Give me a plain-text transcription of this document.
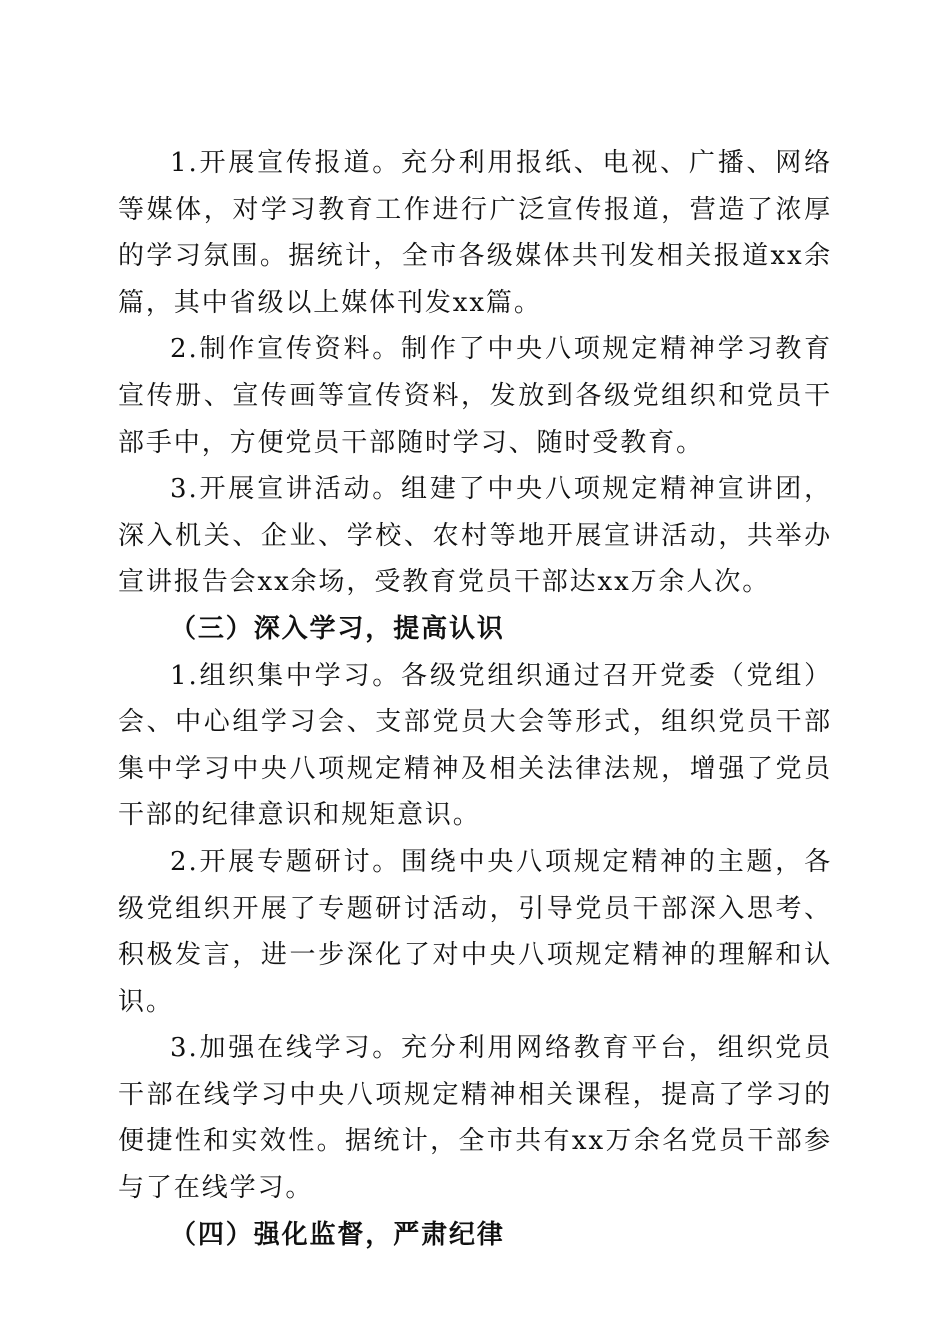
1.开展宣传报道。充分利用报纸、电视、广播、网络等媒体，对学习教育工作进行广泛宣传报道，营造了浓厚的学习氛围。据统计，全市各级媒体共刊发相关报道xx余篇，其中省级以上媒体刊发xx篇。

2.制作宣传资料。制作了中央八项规定精神学习教育宣传册、宣传画等宣传资料，发放到各级党组织和党员干部手中，方便党员干部随时学习、随时受教育。

3.开展宣讲活动。组建了中央八项规定精神宣讲团，深入机关、企业、学校、农村等地开展宣讲活动，共举办宣讲报告会xx余场，受教育党员干部达xx万余人次。

（三）深入学习，提高认识

1.组织集中学习。各级党组织通过召开党委（党组）会、中心组学习会、支部党员大会等形式，组织党员干部集中学习中央八项规定精神及相关法律法规，增强了党员干部的纪律意识和规矩意识。

2.开展专题研讨。围绕中央八项规定精神的主题，各级党组织开展了专题研讨活动，引导党员干部深入思考、积极发言，进一步深化了对中央八项规定精神的理解和认识。

3.加强在线学习。充分利用网络教育平台，组织党员干部在线学习中央八项规定精神相关课程，提高了学习的便捷性和实效性。据统计，全市共有xx万余名党员干部参与了在线学习。

（四）强化监督，严肃纪律
